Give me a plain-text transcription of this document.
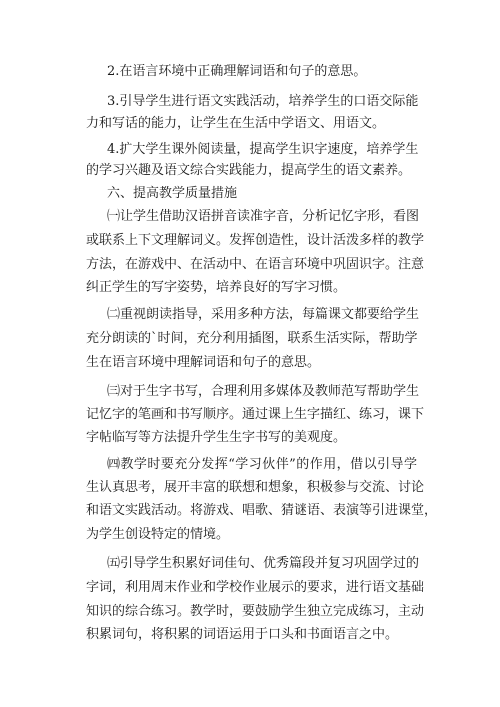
2.在语言环境中正确理解词语和句子的意思。
3.引导学生进行语文实践活动，培养学生的口语交际能
力和写话的能力，让学生在生活中学语文、用语文。
4.扩大学生课外阅读量，提高学生识字速度，培养学生
的学习兴趣及语文综合实践能力，提高学生的语文素养。
六、提高教学质量措施
㈠让学生借助汉语拼音读准字音，分析记忆字形，看图
或联系上下文理解词义。发挥创造性，设计活泼多样的教学
方法，在游戏中、在活动中、在语言环境中巩固识字。注意
纠正学生的写字姿势，培养良好的写字习惯。
㈡重视朗读指导，采用多种方法，每篇课文都要给学生
充分朗读的`时间，充分利用插图，联系生活实际，帮助学
生在语言环境中理解词语和句子的意思。
㈢对于生字书写，合理利用多媒体及教师范写帮助学生
记忆字的笔画和书写顺序。通过课上生字描红、练习，课下
字帖临写等方法提升学生生字书写的美观度。
㈣教学时要充分发挥“学习伙伴”的作用，借以引导学
生认真思考，展开丰富的联想和想象，积极参与交流、讨论
和语文实践活动。将游戏、唱歌、猜谜语、表演等引进课堂，
为学生创设特定的情境。
㈤引导学生积累好词佳句、优秀篇段并复习巩固学过的
字词，利用周末作业和学校作业展示的要求，进行语文基础
知识的综合练习。教学时，要鼓励学生独立完成练习，主动
积累词句，将积累的词语运用于口头和书面语言之中。
